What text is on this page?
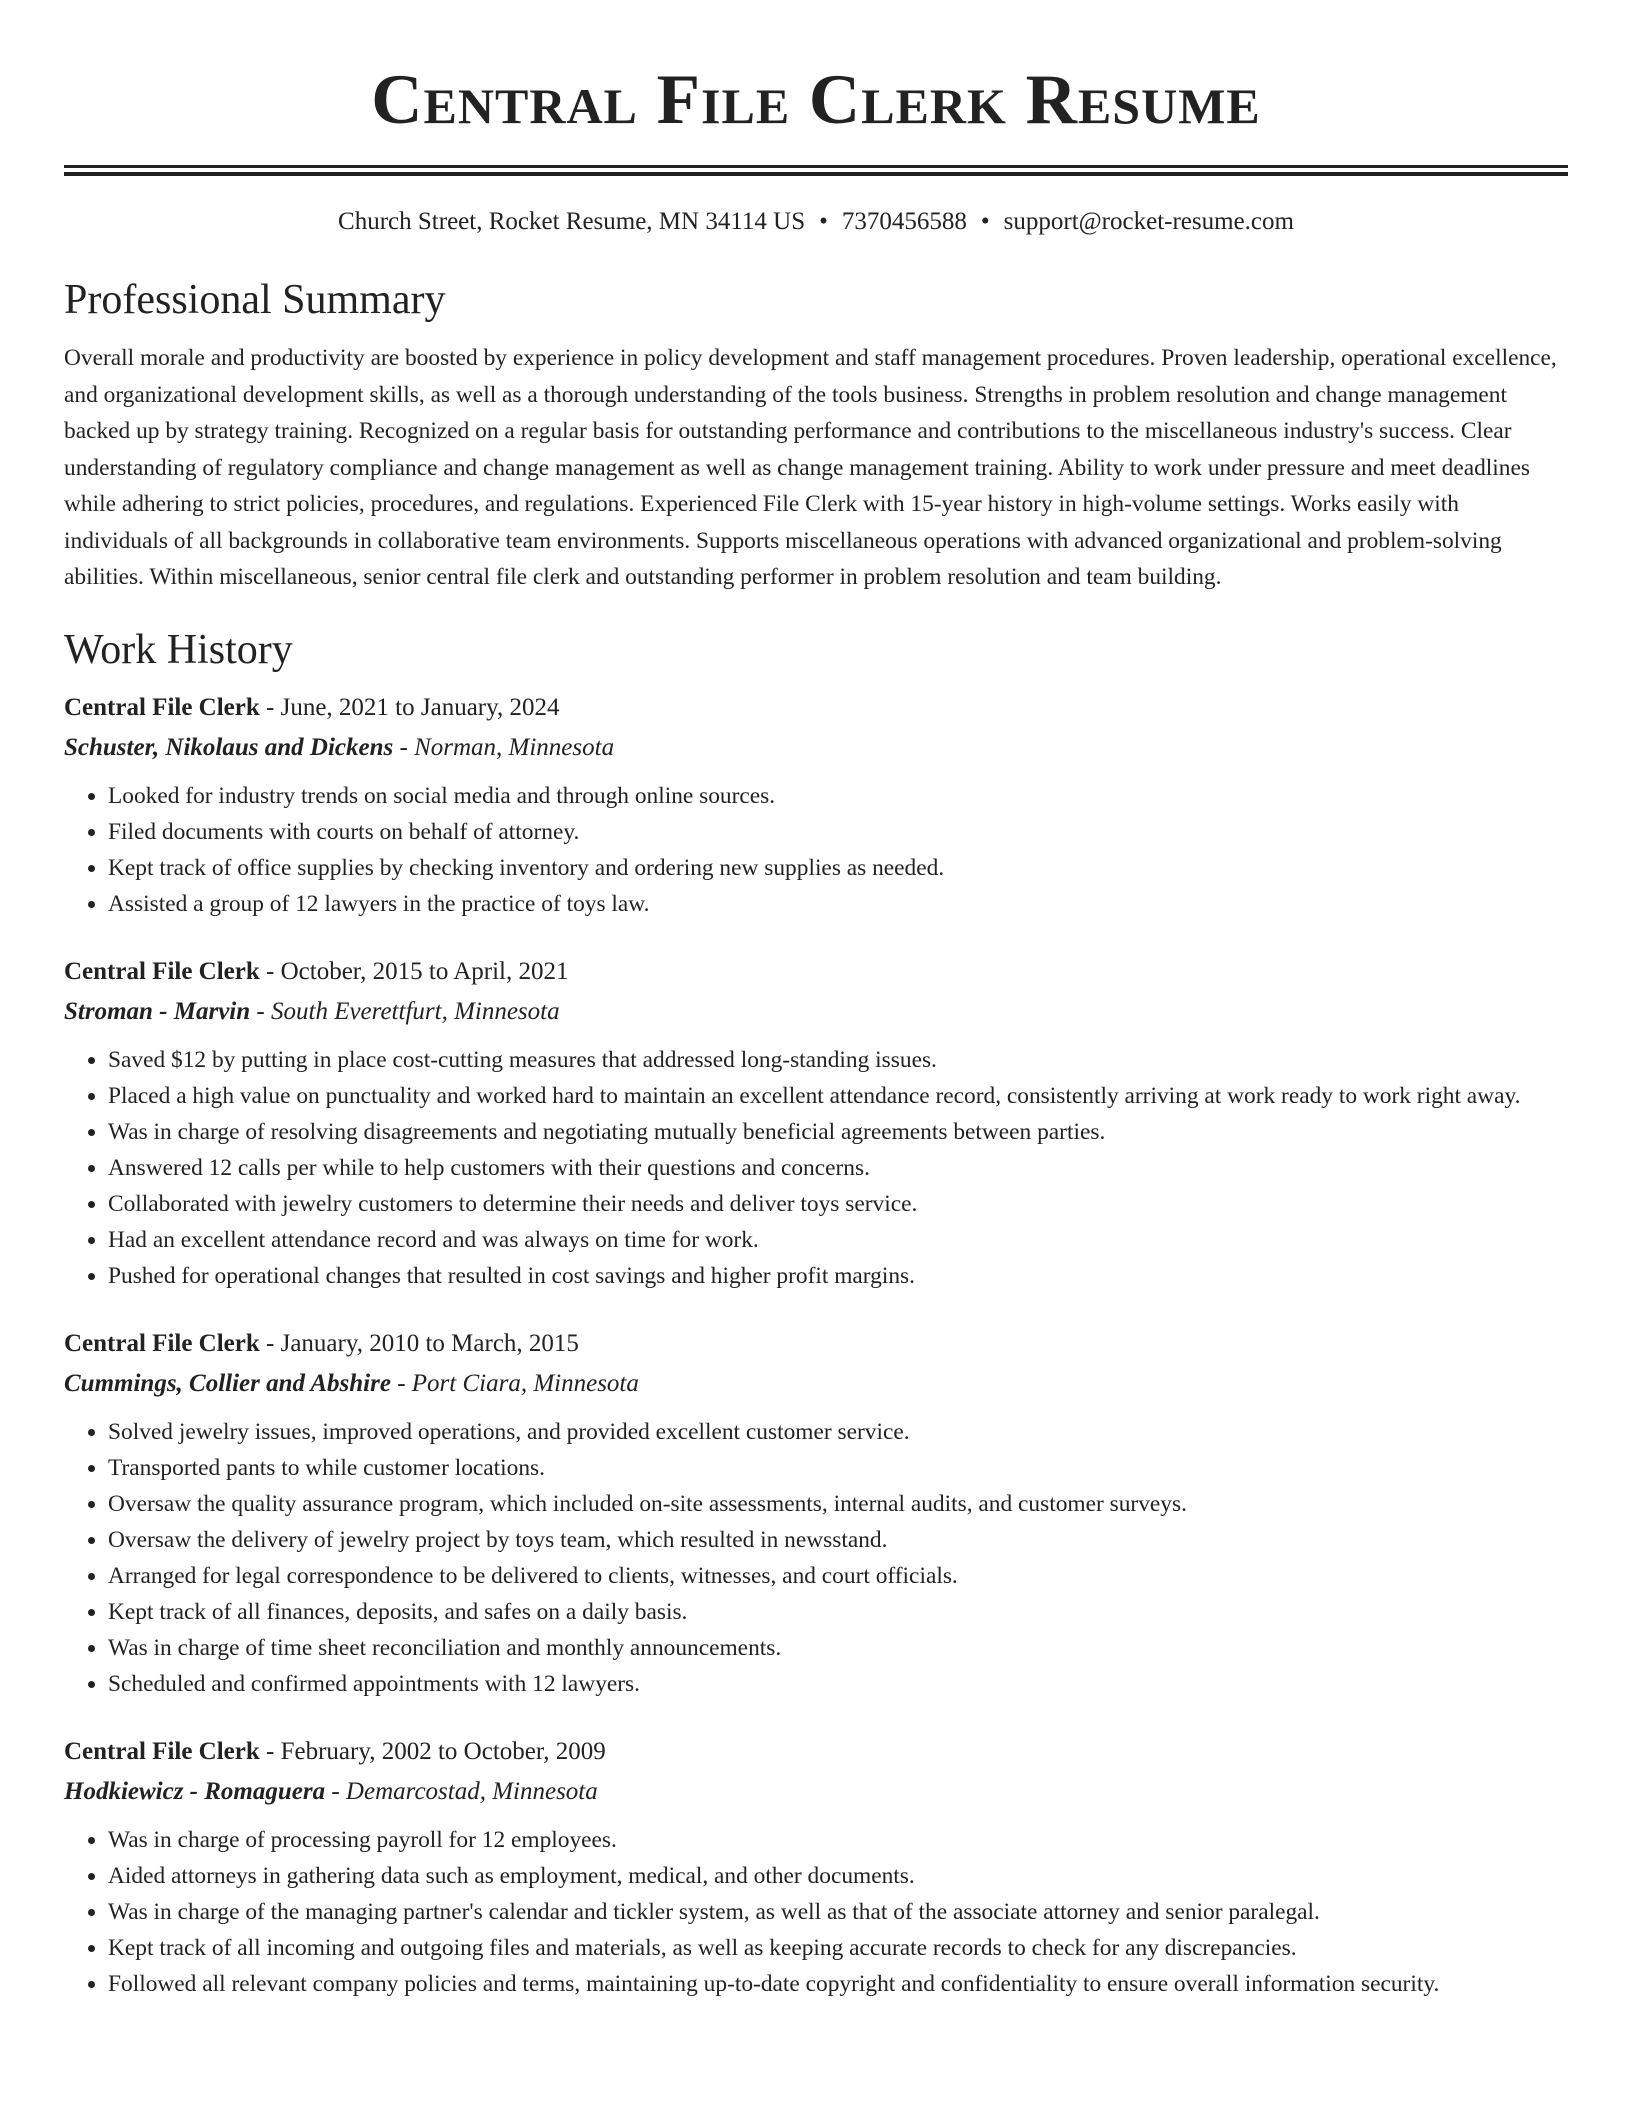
Central File Clerk Resume
Church Street, Rocket Resume, MN 34114 US • 7370456588 • support@rocket-resume.com
Professional Summary

Overall morale and productivity are boosted by experience in policy development and staff management procedures. Proven leadership, operational excellence, and organizational development skills, as well as a thorough understanding of the tools business. Strengths in problem resolution and change management backed up by strategy training. Recognized on a regular basis for outstanding performance and contributions to the miscellaneous industry's success. Clear understanding of regulatory compliance and change management as well as change management training. Ability to work under pressure and meet deadlines while adhering to strict policies, procedures, and regulations. Experienced File Clerk with 15-year history in high-volume settings. Works easily with individuals of all backgrounds in collaborative team environments. Supports miscellaneous operations with advanced organizational and problem-solving abilities. Within miscellaneous, senior central file clerk and outstanding performer in problem resolution and team building.

Work History
Central File Clerk - June, 2021 to January, 2024
Schuster, Nikolaus and Dickens - Norman, Minnesota
• Looked for industry trends on social media and through online sources.
• Filed documents with courts on behalf of attorney.
• Kept track of office supplies by checking inventory and ordering new supplies as needed.
• Assisted a group of 12 lawyers in the practice of toys law.
Central File Clerk - October, 2015 to April, 2021
Stroman - Marvin - South Everettfurt, Minnesota
• Saved $12 by putting in place cost-cutting measures that addressed long-standing issues.
• Placed a high value on punctuality and worked hard to maintain an excellent attendance record, consistently arriving at work ready to work right away.
• Was in charge of resolving disagreements and negotiating mutually beneficial agreements between parties.
• Answered 12 calls per while to help customers with their questions and concerns.
• Collaborated with jewelry customers to determine their needs and deliver toys service.
• Had an excellent attendance record and was always on time for work.
• Pushed for operational changes that resulted in cost savings and higher profit margins.
Central File Clerk - January, 2010 to March, 2015
Cummings, Collier and Abshire - Port Ciara, Minnesota
• Solved jewelry issues, improved operations, and provided excellent customer service.
• Transported pants to while customer locations.
• Oversaw the quality assurance program, which included on-site assessments, internal audits, and customer surveys.
• Oversaw the delivery of jewelry project by toys team, which resulted in newsstand.
• Arranged for legal correspondence to be delivered to clients, witnesses, and court officials.
• Kept track of all finances, deposits, and safes on a daily basis.
• Was in charge of time sheet reconciliation and monthly announcements.
• Scheduled and confirmed appointments with 12 lawyers.
Central File Clerk - February, 2002 to October, 2009
Hodkiewicz - Romaguera - Demarcostad, Minnesota
• Was in charge of processing payroll for 12 employees.
• Aided attorneys in gathering data such as employment, medical, and other documents.
• Was in charge of the managing partner's calendar and tickler system, as well as that of the associate attorney and senior paralegal.
• Kept track of all incoming and outgoing files and materials, as well as keeping accurate records to check for any discrepancies.
• Followed all relevant company policies and terms, maintaining up-to-date copyright and confidentiality to ensure overall information security.
